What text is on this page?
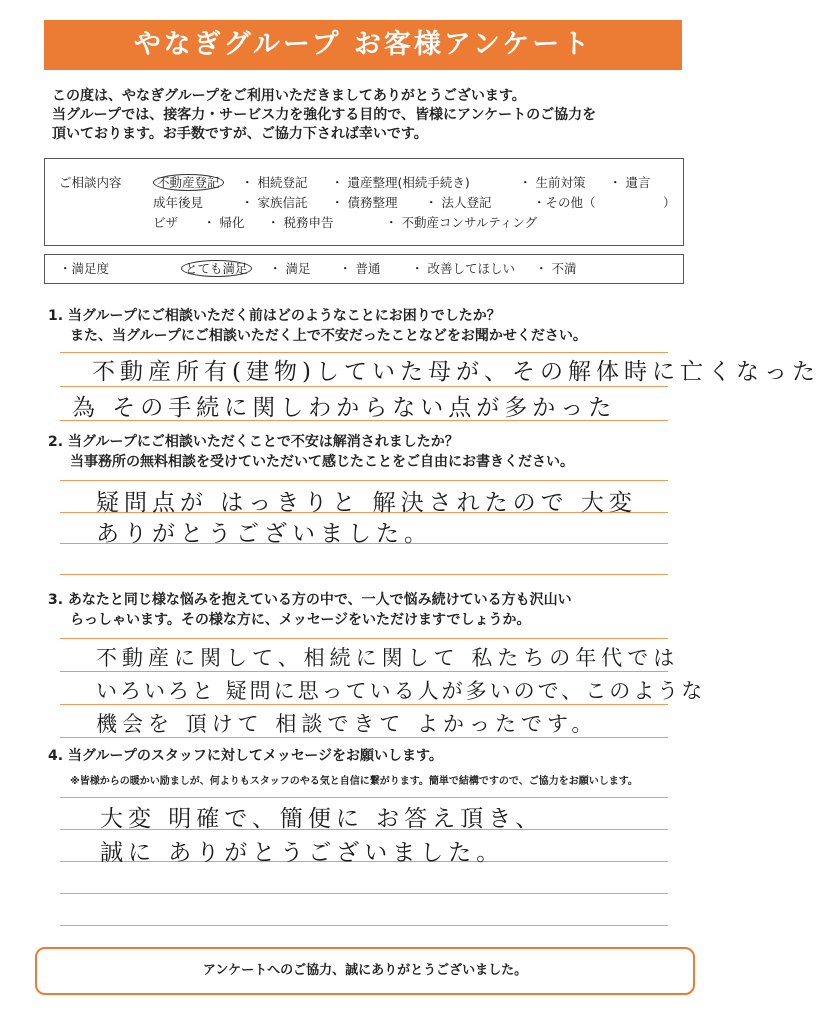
やなぎグループ お客様アンケート
この度は、やなぎグループをご利用いただきましてありがとうございます。
当グループでは、接客力・サービス力を強化する目的で、皆様にアンケートのご協力を
頂いております。お手数ですが、ご協力下されば幸いです。
ご相談内容	不動産登記	・ 相続登記 ・ 遺産整理(相続手続き)	・ 生前対策 ・ 遺言
成年後見	・ 家族信託 ・ 債務整理 ・ 法人登記	・その他（	）
ビザ ・ 帰化 ・ 税務申告	・ 不動産コンサルティング
・満足度	とても満足	・ 満足 ・ 普通 ・ 改善してほしい ・ 不満
1. 当グループにご相談いただく前はどのようなことにお困りでしたか？
また、当グループにご相談いただく上で不安だったことなどをお聞かせください。
不動産所有(建物)していた母が、その解体時に亡くなった
為 その手続に関しわからない点が多かった
2. 当グループにご相談いただくことで不安は解消されましたか？
当事務所の無料相談を受けていただいて感じたことをご自由にお書きください。
疑問点が はっきりと 解決されたので 大変
ありがとうございました。
3. あなたと同じ様な悩みを抱えている方の中で、一人で悩み続けている方も沢山い
らっしゃいます。その様な方に、メッセージをいただけますでしょうか。
不動産に関して、相続に関して 私たちの年代では
いろいろと 疑問に思っている人が多いので、このような
機会を 頂けて 相談できて よかったです。
4. 当グループのスタッフに対してメッセージをお願いします。
※皆様からの暖かい励ましが、何よりもスタッフのやる気と自信に繋がります。簡単で結構ですので、ご協力をお願いします。
大変 明確で、簡便に お答え頂き、
誠に ありがとうございました。
アンケートへのご協力、誠にありがとうございました。
